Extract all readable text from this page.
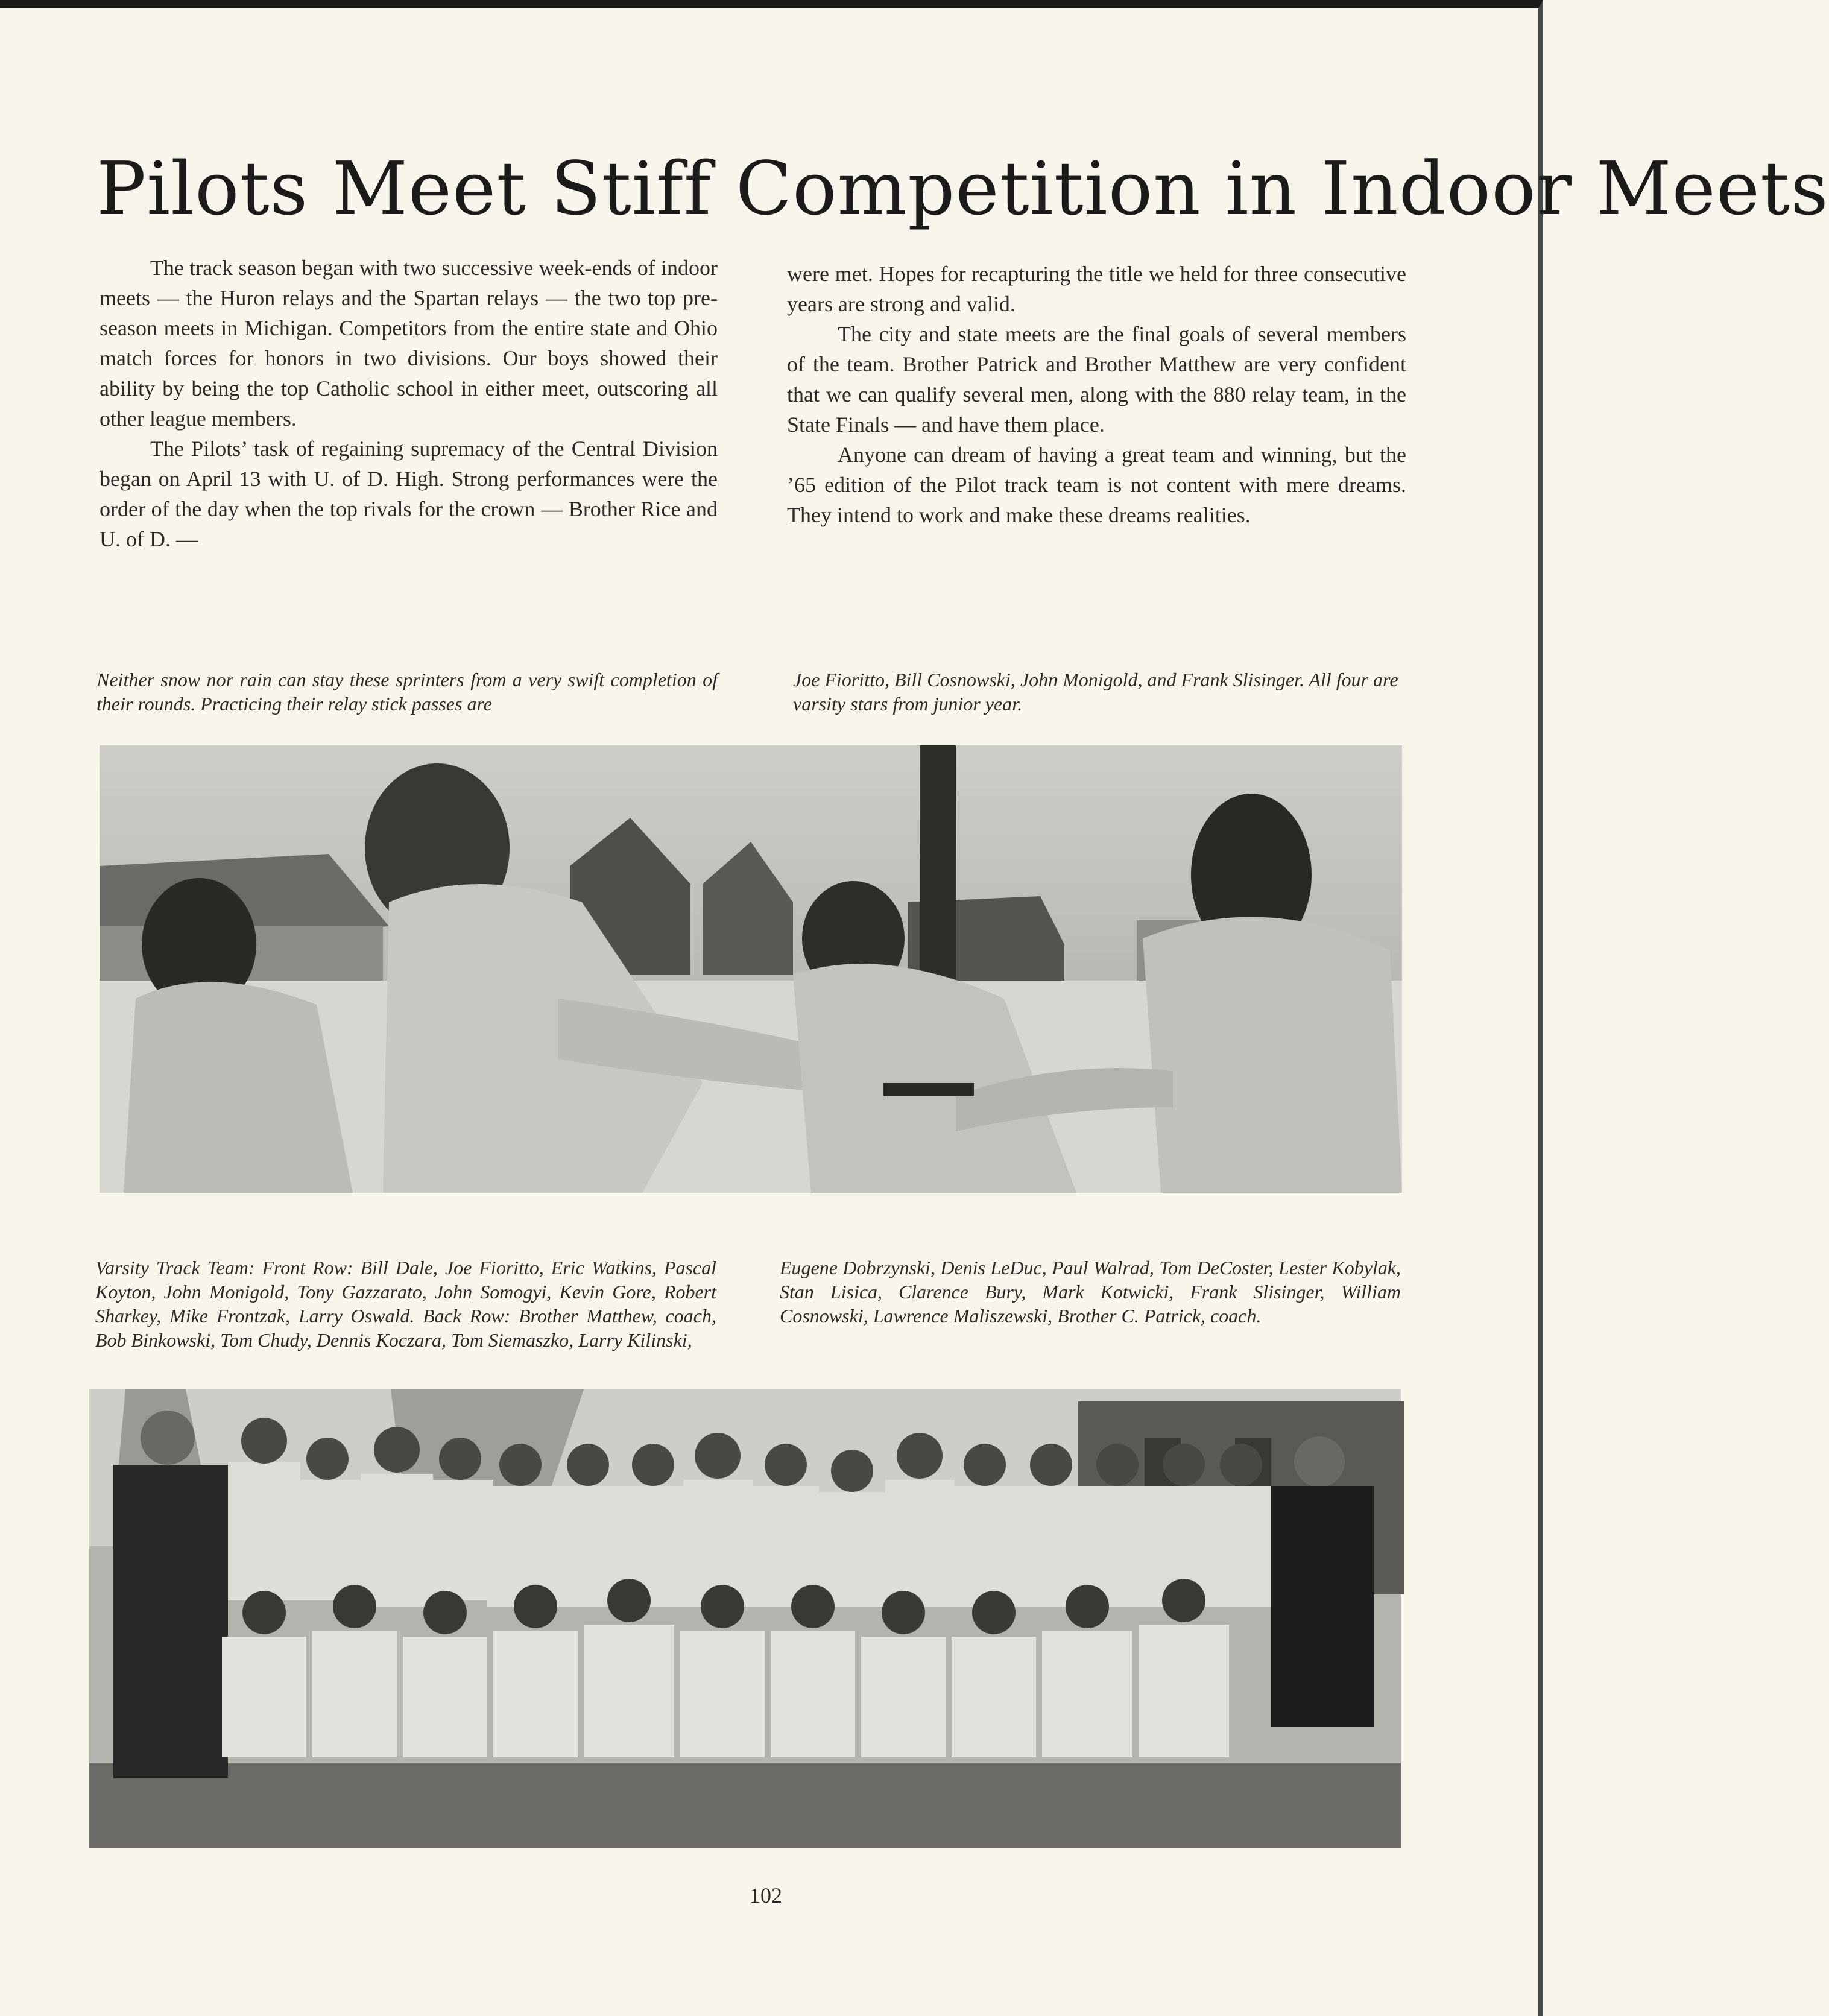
Pilots Meet Stiff Competition in Indoor Meets

The track season began with two successive week-ends of indoor meets — the Huron relays and the Spartan relays — the two top pre-season meets in Michigan. Competitors from the entire state and Ohio match forces for honors in two divisions. Our boys showed their ability by being the top Catholic school in either meet, outscoring all other league members.

The Pilots’ task of regaining supremacy of the Central Division began on April 13 with U. of D. High. Strong performances were the order of the day when the top rivals for the crown — Brother Rice and U. of D. —

were met. Hopes for recapturing the title we held for three consecutive years are strong and valid.

The city and state meets are the final goals of several members of the team. Brother Patrick and Brother Matthew are very confident that we can qualify several men, along with the 880 relay team, in the State Finals — and have them place.

Anyone can dream of having a great team and winning, but the ’65 edition of the Pilot track team is not content with mere dreams. They intend to work and make these dreams realities.

Neither snow nor rain can stay these sprinters from a very swift completion of their rounds. Practicing their relay stick passes are
Joe Fioritto, Bill Cosnowski, John Monigold, and Frank Slisinger. All four are varsity stars from junior year.
Varsity Track Team: Front Row: Bill Dale, Joe Fioritto, Eric Watkins, Pascal Koyton, John Monigold, Tony Gazzarato, John Somogyi, Kevin Gore, Robert Sharkey, Mike Frontzak, Larry Oswald. Back Row: Brother Matthew, coach, Bob Binkowski, Tom Chudy, Dennis Koczara, Tom Siemaszko, Larry Kilinski,
Eugene Dobrzynski, Denis LeDuc, Paul Walrad, Tom DeCoster, Lester Kobylak, Stan Lisica, Clarence Bury, Mark Kotwicki, Frank Slisinger, William Cosnowski, Lawrence Maliszewski, Brother C. Patrick, coach.
102
